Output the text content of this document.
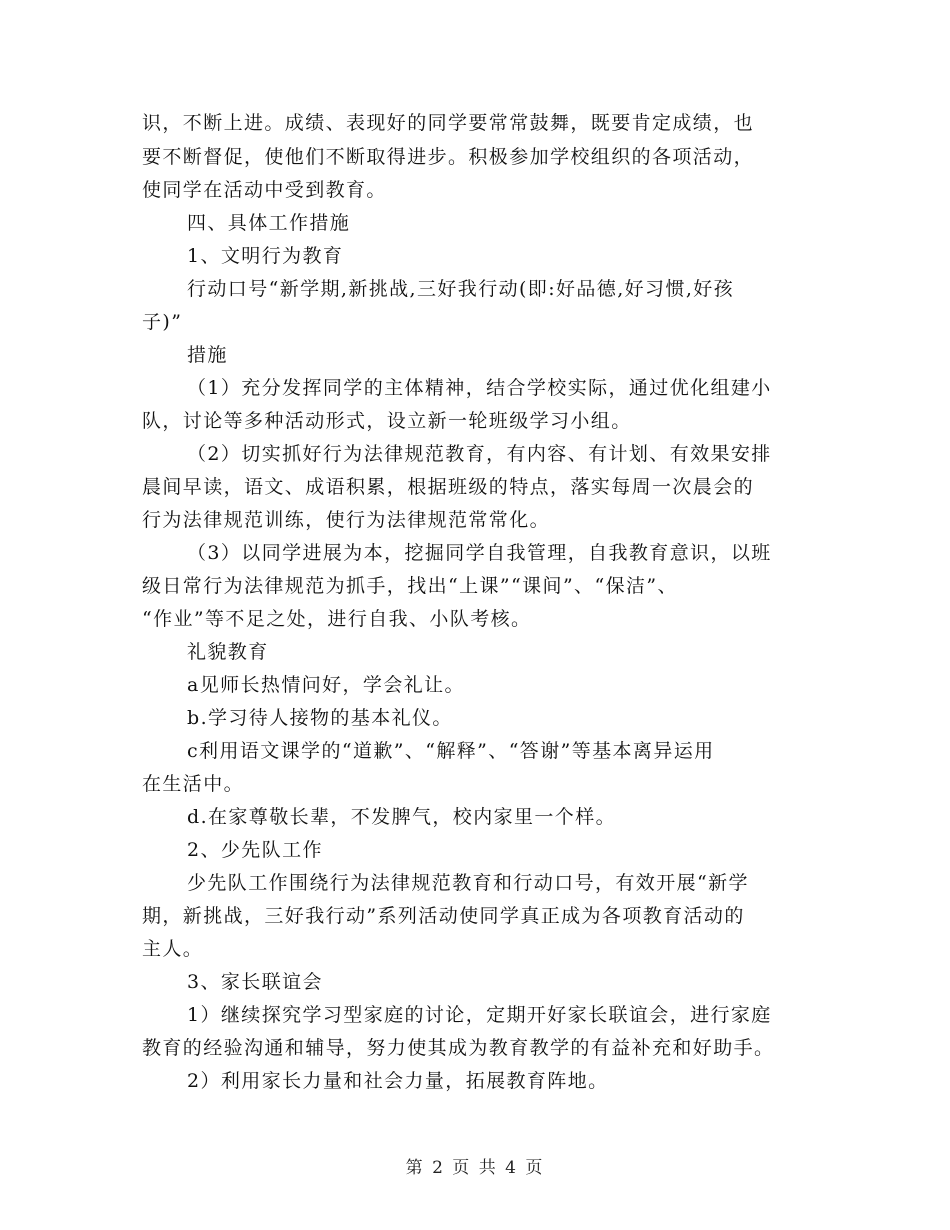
识，不断上进。成绩、表现好的同学要常常鼓舞，既要肯定成绩，也
要不断督促，使他们不断取得进步。积极参加学校组织的各项活动，
使同学在活动中受到教育。
四、具体工作措施
1、文明行为教育
行动口号“新学期,新挑战,三好我行动(即:好品德,好习惯,好孩
子)”
措施
（1）充分发挥同学的主体精神，结合学校实际，通过优化组建小
队，讨论等多种活动形式，设立新一轮班级学习小组。
（2）切实抓好行为法律规范教育，有内容、有计划、有效果安排
晨间早读，语文、成语积累，根据班级的特点，落实每周一次晨会的
行为法律规范训练，使行为法律规范常常化。
（3）以同学进展为本，挖掘同学自我管理，自我教育意识，以班
级日常行为法律规范为抓手，找出“上课”“课间”、“保洁”、
“作业”等不足之处，进行自我、小队考核。
礼貌教育
a见师长热情问好，学会礼让。
b.学习待人接物的基本礼仪。
c利用语文课学的“道歉”、“解释”、“答谢”等基本离异运用
在生活中。
d.在家尊敬长辈，不发脾气，校内家里一个样。
2、少先队工作
少先队工作围绕行为法律规范教育和行动口号，有效开展“新学
期，新挑战，三好我行动”系列活动使同学真正成为各项教育活动的
主人。
3、家长联谊会
1）继续探究学习型家庭的讨论，定期开好家长联谊会，进行家庭
教育的经验沟通和辅导，努力使其成为教育教学的有益补充和好助手。
2）利用家长力量和社会力量，拓展教育阵地。
第 2 页 共 4 页
